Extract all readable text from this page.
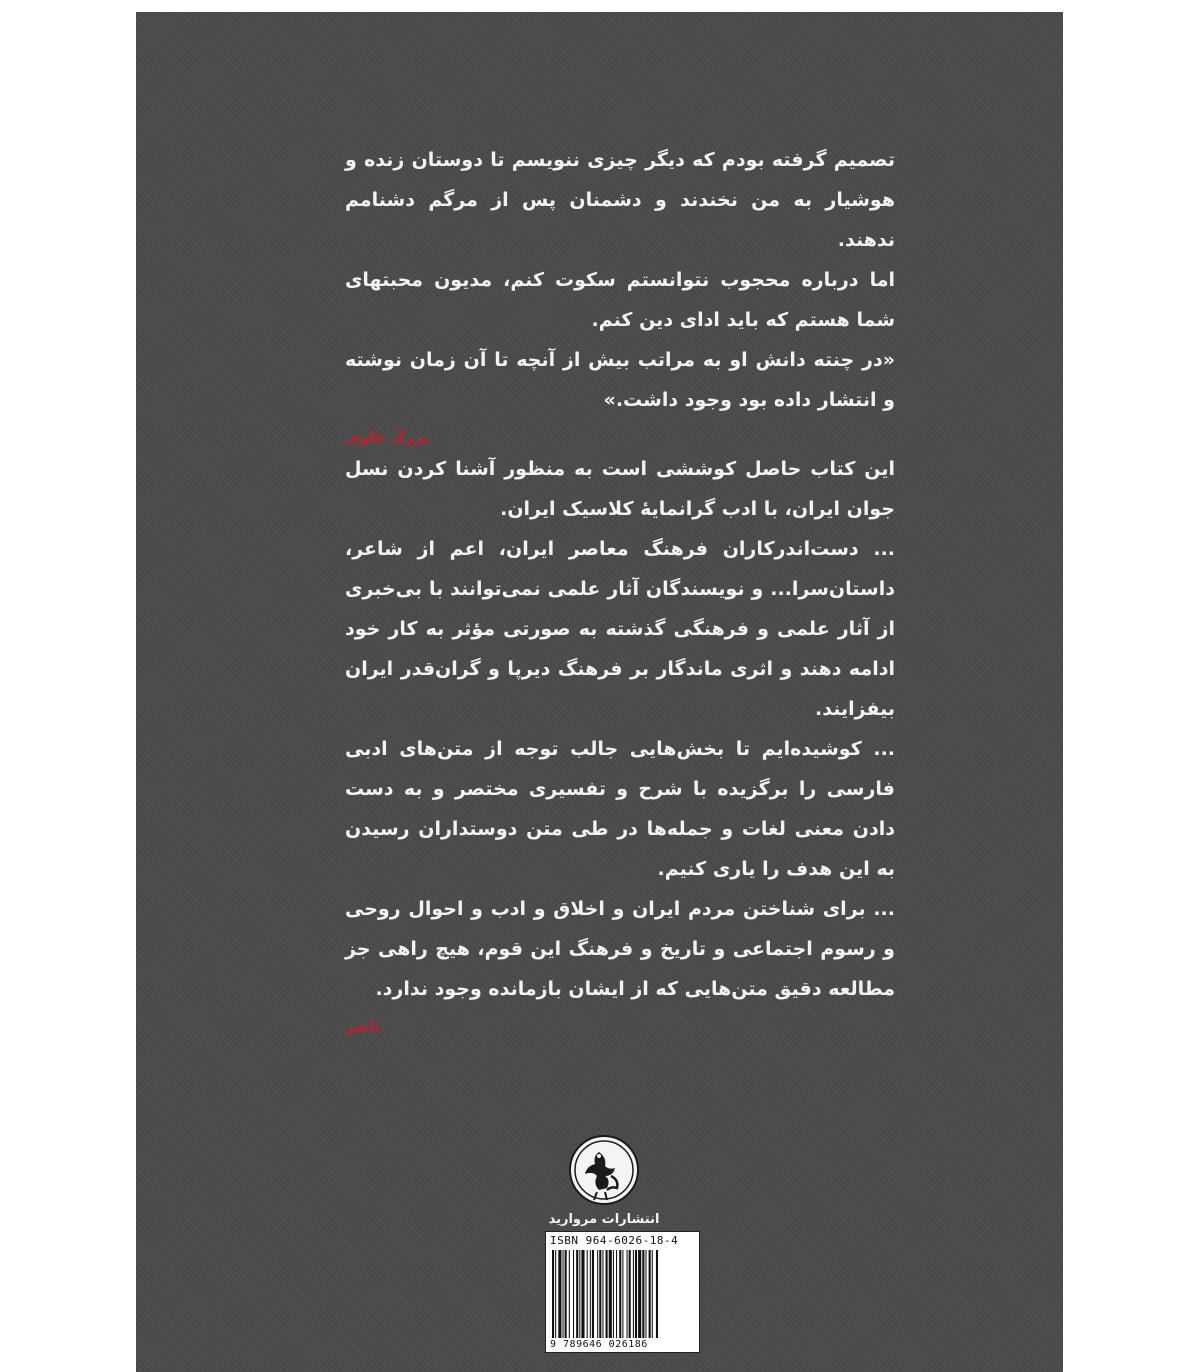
تصمیم گرفته بودم که دیگر چیزی ننویسم تا دوستان زنده و هوشیار به من نخندند و دشمنان پس از مرگم دشنامم ندهند.

اما درباره محجوب نتوانستم سکوت کنم، مدیون محبتهای شما هستم که باید ادای دین کنم.

«در چنته دانش او به مراتب بیش از آنچه تا آن زمان نوشته و انتشار داده بود وجود داشت.»

بزرگ علوی

این کتاب حاصل کوششی است به منظور آشنا کردن نسل جوان ایران، با ادب گرانمایهٔ کلاسیک ایران.

... دست‌اندرکاران فرهنگ معاصر ایران، اعم از شاعر، داستان‌سرا... و نویسندگان آثار علمی نمی‌توانند با بی‌خبری از آثار علمی و فرهنگی گذشته به صورتی مؤثر به کار خود ادامه دهند و اثری ماندگار بر فرهنگ دیرپا و گران‌قدر ایران بیفزایند.

... کوشیده‌ایم تا بخش‌هایی جالب توجه از متن‌های ادبی فارسی را برگزیده با شرح و تفسیری مختصر و به دست دادن معنی لغات و جمله‌ها در طی متن دوستداران رسیدن به این هدف را یاری کنیم.

... برای شناختن مردم ایران و اخلاق و ادب و احوال روحی و رسوم اجتماعی و تاریخ و فرهنگ این قوم، هیچ راهی جز مطالعه دقیق متن‌هایی که از ایشان بازمانده وجود ندارد.

ناشر

انتشارات مروارید
ISBN 964-6026-18-4
9 789646 026186
